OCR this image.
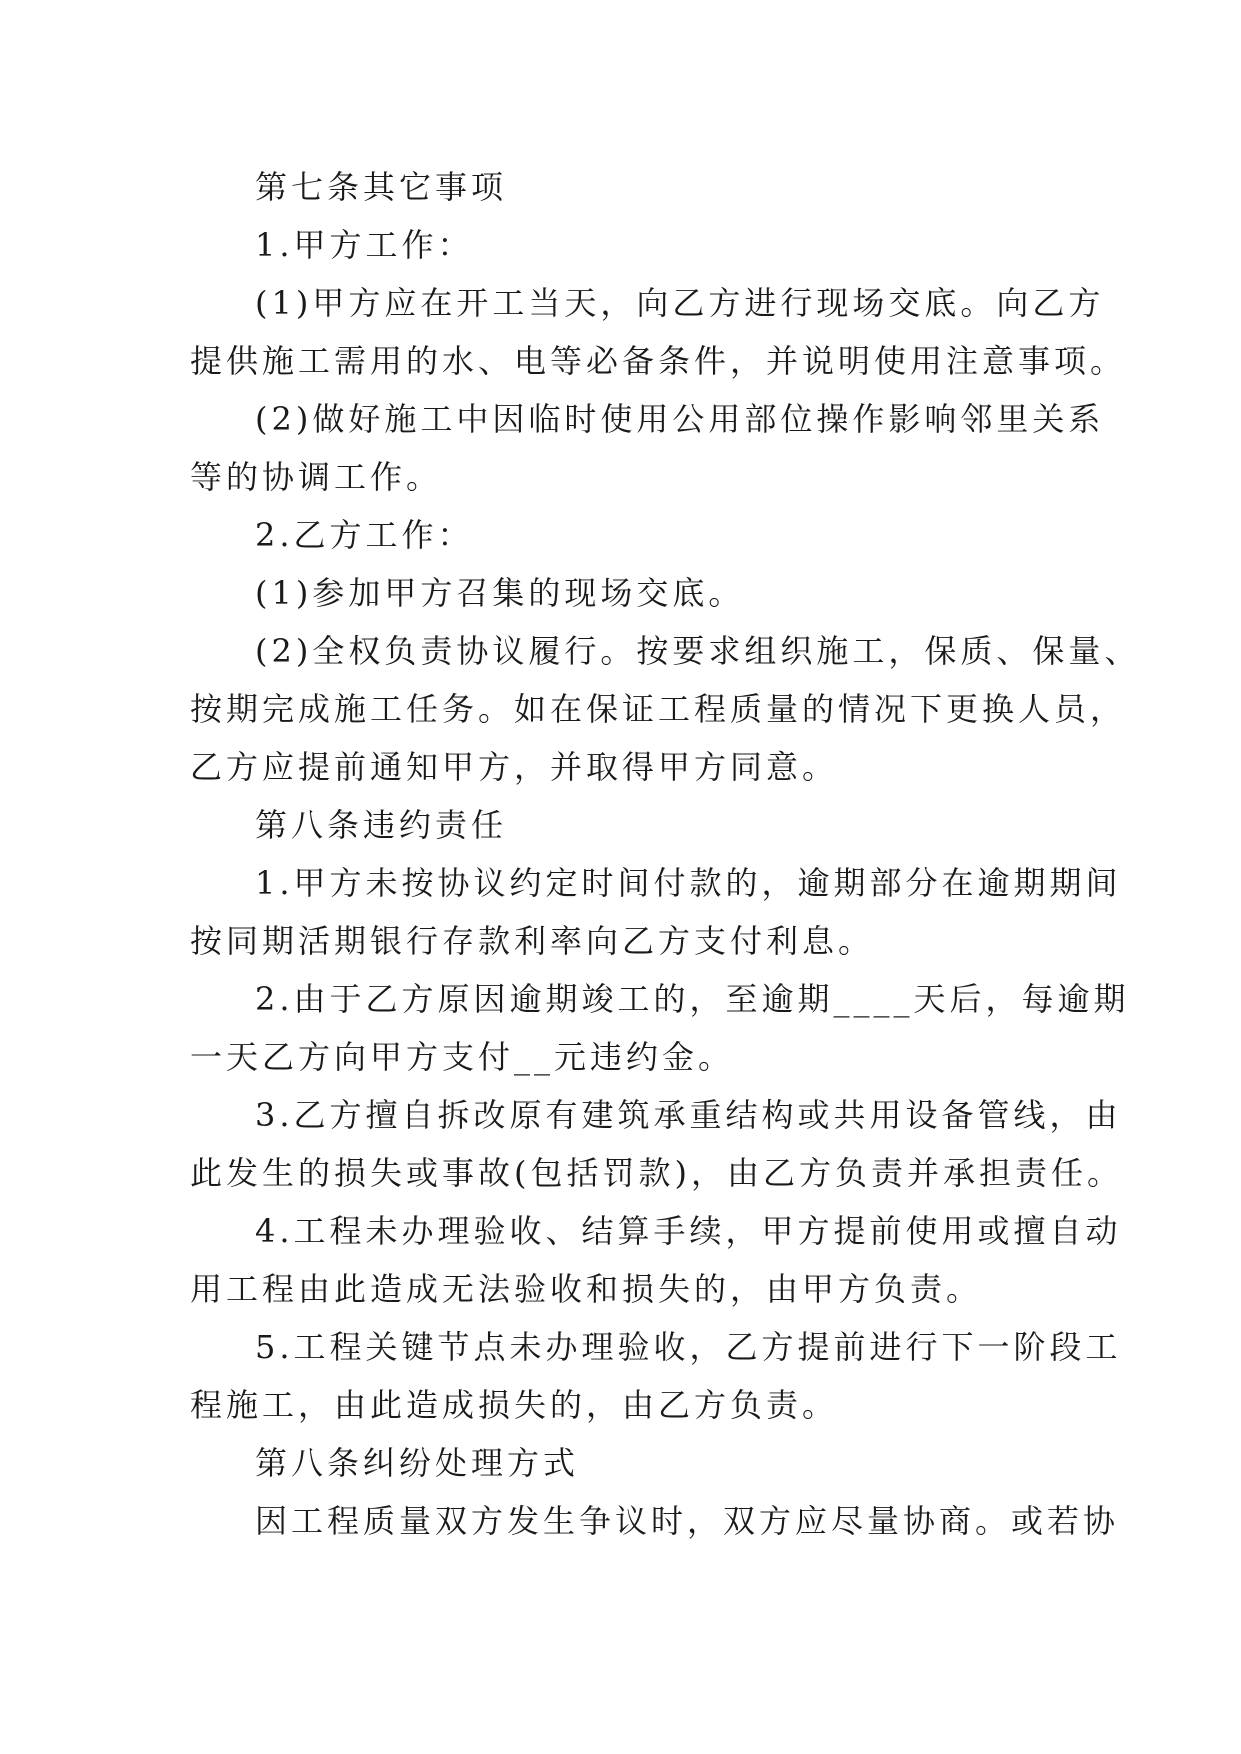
第七条其它事项
1.甲方工作：
(1)甲方应在开工当天，向乙方进行现场交底。向乙方
提供施工需用的水、电等必备条件，并说明使用注意事项。
(2)做好施工中因临时使用公用部位操作影响邻里关系
等的协调工作。
2.乙方工作：
(1)参加甲方召集的现场交底。
(2)全权负责协议履行。按要求组织施工，保质、保量、
按期完成施工任务。如在保证工程质量的情况下更换人员，
乙方应提前通知甲方，并取得甲方同意。
第八条违约责任
1.甲方未按协议约定时间付款的，逾期部分在逾期期间
按同期活期银行存款利率向乙方支付利息。
2.由于乙方原因逾期竣工的，至逾期____天后，每逾期
一天乙方向甲方支付__元违约金。
3.乙方擅自拆改原有建筑承重结构或共用设备管线，由
此发生的损失或事故(包括罚款)，由乙方负责并承担责任。
4.工程未办理验收、结算手续，甲方提前使用或擅自动
用工程由此造成无法验收和损失的，由甲方负责。
5.工程关键节点未办理验收，乙方提前进行下一阶段工
程施工，由此造成损失的，由乙方负责。
第八条纠纷处理方式
因工程质量双方发生争议时，双方应尽量协商。或若协
